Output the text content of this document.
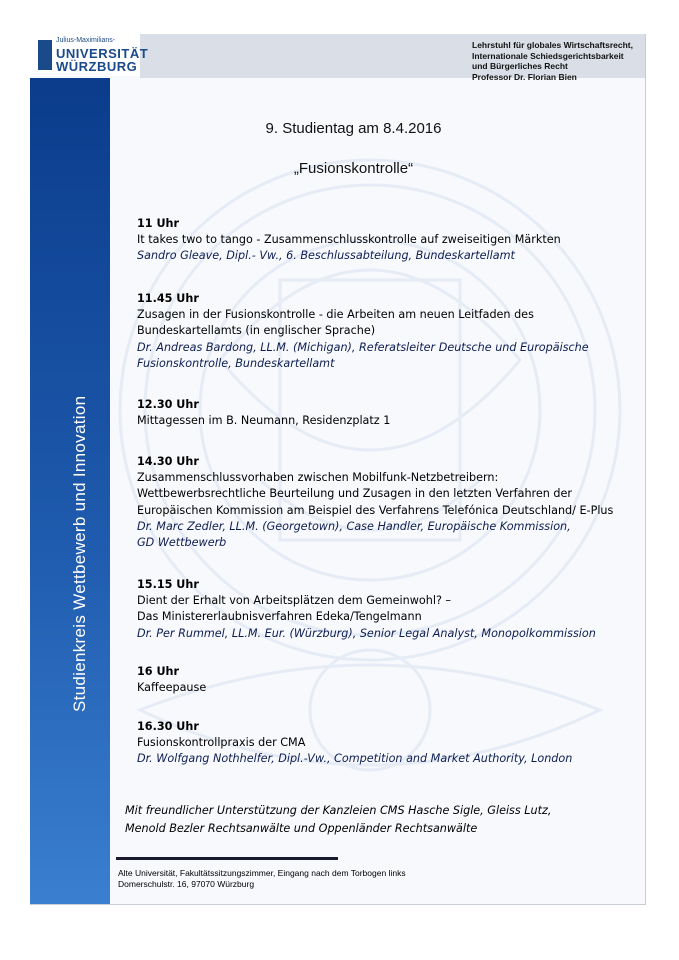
Julius-Maximilians-
UNIVERSITÄT
WÜRZBURG
Lehrstuhl für globales Wirtschaftsrecht,
Internationale Schiedsgerichtsbarkeit
und Bürgerliches Recht
Professor Dr. Florian Bien
Studienkreis Wettbewerb und Innovation
9. Studientag am 8.4.2016
„Fusionskontrolle“
11 Uhr
It takes two to tango - Zusammenschlusskontrolle auf zweiseitigen Märkten
Sandro Gleave, Dipl.- Vw., 6. Beschlussabteilung, Bundeskartellamt
11.45 Uhr
Zusagen in der Fusionskontrolle - die Arbeiten am neuen Leitfaden des
Bundeskartellamts (in englischer Sprache)
Dr. Andreas Bardong, LL.M. (Michigan), Referatsleiter Deutsche und Europäische
Fusionskontrolle, Bundeskartellamt
12.30 Uhr
Mittagessen im B. Neumann, Residenzplatz 1
14.30 Uhr
Zusammenschlussvorhaben zwischen Mobilfunk-Netzbetreibern:
Wettbewerbsrechtliche Beurteilung und Zusagen in den letzten Verfahren der
Europäischen Kommission am Beispiel des Verfahrens Telefónica Deutschland/ E-Plus
Dr. Marc Zedler, LL.M. (Georgetown), Case Handler, Europäische Kommission,
GD Wettbewerb
15.15 Uhr
Dient der Erhalt von Arbeitsplätzen dem Gemeinwohl? –
Das Ministererlaubnisverfahren Edeka/Tengelmann
Dr. Per Rummel, LL.M. Eur. (Würzburg), Senior Legal Analyst, Monopolkommission
16 Uhr
Kaffeepause
16.30 Uhr
Fusionskontrollpraxis der CMA
Dr. Wolfgang Nothhelfer, Dipl.-Vw., Competition and Market Authority, London
Mit freundlicher Unterstützung der Kanzleien CMS Hasche Sigle, Gleiss Lutz,
Menold Bezler Rechtsanwälte und Oppenländer Rechtsanwälte
Alte Universität, Fakultätssitzungszimmer, Eingang nach dem Torbogen links
Domerschulstr. 16, 97070 Würzburg
